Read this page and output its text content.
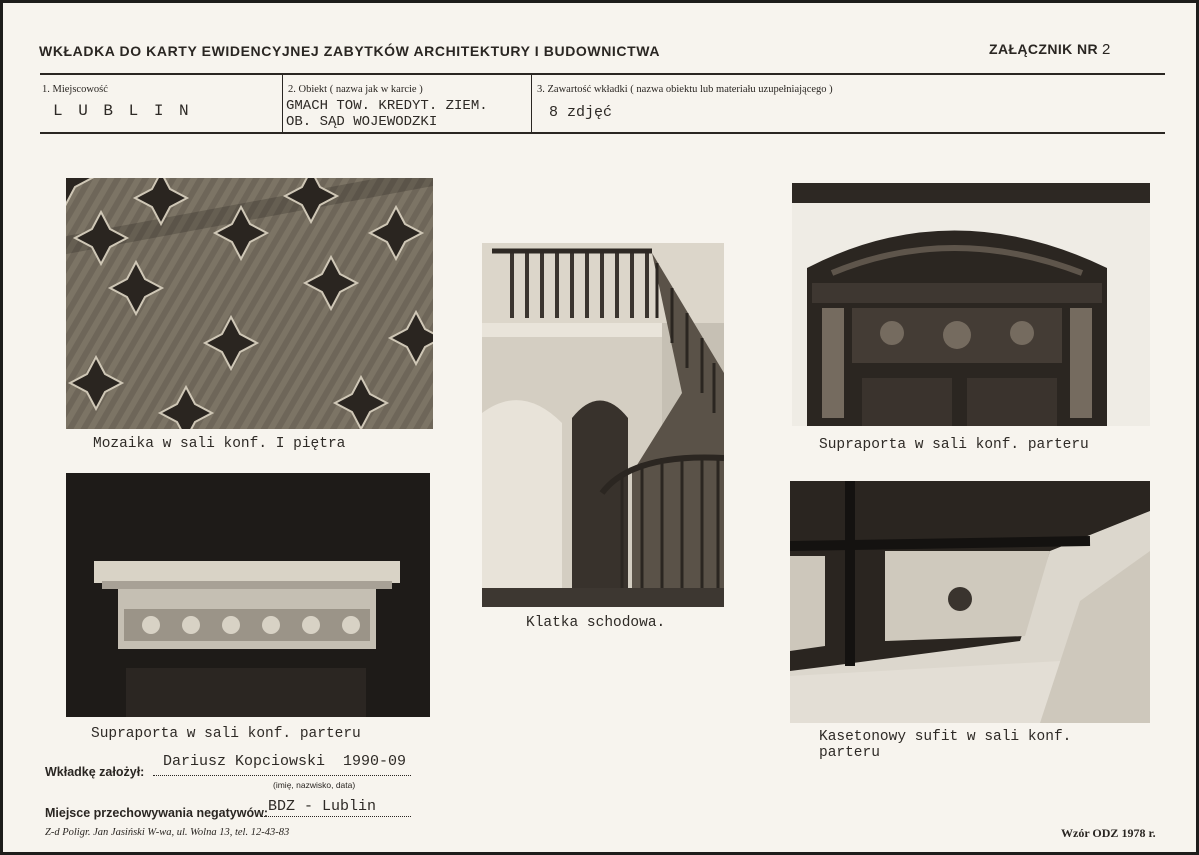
WKŁADKA DO KARTY EWIDENCYJNEJ ZABYTKÓW ARCHITEKTURY I BUDOWNICTWA	ZAŁĄCZNIK NR 2
1. Miejscowość
L U B L I N
2. Obiekt ( nazwa jak w karcie )
GMACH TOW. KREDYT. ZIEM.
OB. SĄD WOJEWODZKI
3. Zawartość wkładki ( nazwa obiektu lub materiału uzupełniającego )
8 zdjęć
Mozaika w sali konf. I piętra
Klatka schodowa.
Supraporta w sali konf. parteru
Supraporta w sali konf. parteru	Kasetonowy sufit w sali konf.
parteru
Wkładkę założył:
Dariusz Kopciowski  1990-09
(imię, nazwisko, data)
Miejsce przechowywania negatywów: BDZ - Lublin
Z-d Poligr. Jan Jasiński W-wa, ul. Wolna 13, tel. 12-43-83	Wzór ODZ 1978 r.
